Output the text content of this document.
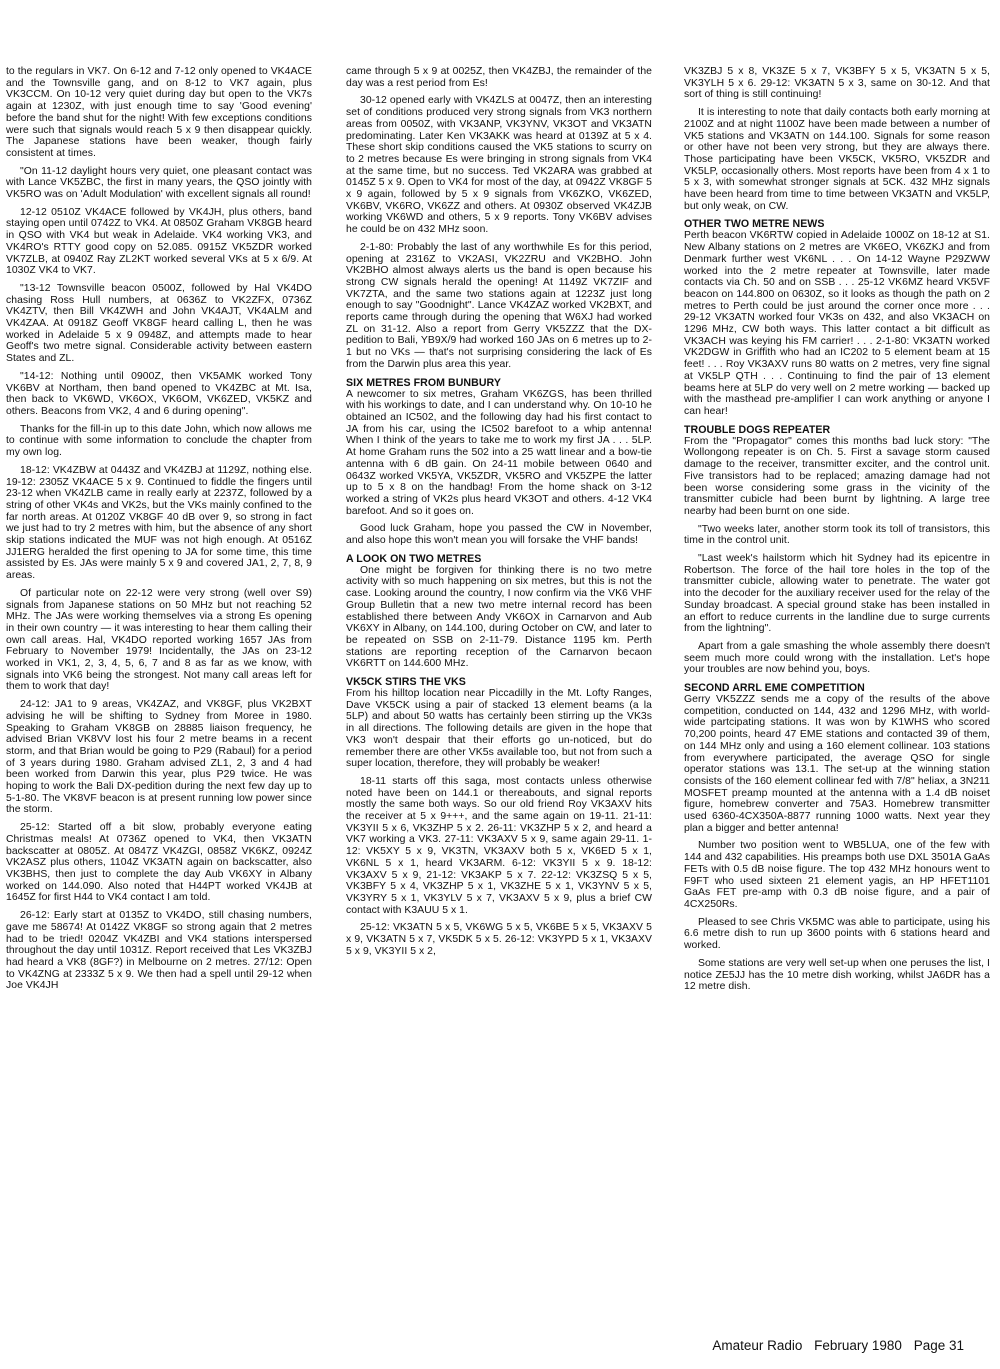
to the regulars in VK7. On 6-12 and 7-12 only opened to VK4ACE and the Townsville gang, and on 8-12 to VK7 again, plus VK3CCM. On 10-12 very quiet during day but open to the VK7s again at 1230Z, with just enough time to say 'Good evening' before the band shut for the night! With few exceptions conditions were such that signals would reach 5 x 9 then disappear quickly. The Japanese stations have been weaker, though fairly consistent at times.

"On 11-12 daylight hours very quiet, one pleasant contact was with Lance VK5ZBC, the first in many years, the QSO jointly with VK5RO was on 'Adult Modulation' with excellent signals all round!

12-12 0510Z VK4ACE followed by VK4JH, plus others, band staying open until 0742Z to VK4. At 0850Z Graham VK8GB heard in QSO with VK4 but weak in Adelaide. VK4 working VK3, and VK4RO's RTTY good copy on 52.085. 0915Z VK5ZDR worked VK7ZLB, at 0940Z Ray ZL2KT worked several VKs at 5 x 6/9. At 1030Z VK4 to VK7.

"13-12 Townsville beacon 0500Z, followed by Hal VK4DO chasing Ross Hull numbers, at 0636Z to VK2ZFX, 0736Z VK4ZTV, then Bill VK4ZWH and John VK4AJT, VK4ALM and VK4ZAA. At 0918Z Geoff VK8GF heard calling L, then he was worked in Adelaide 5 x 9 0948Z, and attempts made to hear Geoff's two metre signal. Considerable activity between eastern States and ZL.

"14-12: Nothing until 0900Z, then VK5AMK worked Tony VK6BV at Northam, then band opened to VK4ZBC at Mt. Isa, then back to VK6WD, VK6OX, VK6OM, VK6ZED, VK5KZ and others. Beacons from VK2, 4 and 6 during opening".

Thanks for the fill-in up to this date John, which now allows me to continue with some information to conclude the chapter from my own log.

18-12: VK4ZBW at 0443Z and VK4ZBJ at 1129Z, nothing else. 19-12: 2305Z VK4ACE 5 x 9. Continued to fiddle the fingers until 23-12 when VK4ZLB came in really early at 2237Z, followed by a string of other VK4s and VK2s, but the VKs mainly confined to the far north areas. At 0120Z VK8GF 40 dB over 9, so strong in fact we just had to try 2 metres with him, but the absence of any short skip stations indicated the MUF was not high enough. At 0516Z JJ1ERG heralded the first opening to JA for some time, this time assisted by Es. JAs were mainly 5 x 9 and covered JA1, 2, 7, 8, 9 areas.

Of particular note on 22-12 were very strong (well over S9) signals from Japanese stations on 50 MHz but not reaching 52 MHz. The JAs were working themselves via a strong Es opening in their own country — it was interesting to hear them calling their own call areas. Hal, VK4DO reported working 1657 JAs from February to November 1979! Incidentally, the JAs on 23-12 worked in VK1, 2, 3, 4, 5, 6, 7 and 8 as far as we know, with signals into VK6 being the strongest. Not many call areas left for them to work that day!

24-12: JA1 to 9 areas, VK4ZAZ, and VK8GF, plus VK2BXT advising he will be shifting to Sydney from Moree in 1980. Speaking to Graham VK8GB on 28885 liaison frequency, he advised Brian VK8VV lost his four 2 metre beams in a recent storm, and that Brian would be going to P29 (Rabaul) for a period of 3 years during 1980. Graham advised ZL1, 2, 3 and 4 had been worked from Darwin this year, plus P29 twice. He was hoping to work the Bali DX-pedition during the next few day up to 5-1-80. The VK8VF beacon is at present running low power since the storm.

25-12: Started off a bit slow, probably everyone eating Christmas meals! At 0736Z opened to VK4, then VK3ATN backscatter at 0805Z. At 0847Z VK4ZGI, 0858Z VK6KZ, 0924Z VK2ASZ plus others, 1104Z VK3ATN again on backscatter, also VK3BHS, then just to complete the day Aub VK6XY in Albany worked on 144.090. Also noted that H44PT worked VK4JB at 1645Z for first H44 to VK4 contact I am told.

26-12: Early start at 0135Z to VK4DO, still chasing numbers, gave me 58674! At 0142Z VK8GF so strong again that 2 metres had to be tried! 0204Z VK4ZBI and VK4 stations interspersed throughout the day until 1031Z. Report received that Les VK3ZBJ had heard a VK8 (8GF?) in Melbourne on 2 metres. 27/12: Open to VK4ZNG at 2333Z 5 x 9. We then had a spell until 29-12 when Joe VK4JH

came through 5 x 9 at 0025Z, then VK4ZBJ, the remainder of the day was a rest period from Es!

30-12 opened early with VK4ZLS at 0047Z, then an interesting set of conditions produced very strong signals from VK3 northern areas from 0050Z, with VK3ANP, VK3YNV, VK3OT and VK3ATN predominating. Later Ken VK3AKK was heard at 0139Z at 5 x 4. These short skip conditions caused the VK5 stations to scurry on to 2 metres because Es were bringing in strong signals from VK4 at the same time, but no success. Ted VK2ARA was grabbed at 0145Z 5 x 9. Open to VK4 for most of the day, at 0942Z VK8GF 5 x 9 again, followed by 5 x 9 signals from VK6ZKO, VK6ZED, VK6BV, VK6RO, VK6ZZ and others. At 0930Z observed VK4ZJB working VK6WD and others, 5 x 9 reports. Tony VK6BV advises he could be on 432 MHz soon.

2-1-80: Probably the last of any worthwhile Es for this period, opening at 2316Z to VK2ASI, VK2ZRU and VK2BHO. John VK2BHO almost always alerts us the band is open because his strong CW signals herald the opening! At 1149Z VK7ZIF and VK7ZTA, and the same two stations again at 1223Z just long enough to say "Goodnight". Lance VK4ZAZ worked VK2BXT, and reports came through during the opening that W6XJ had worked ZL on 31-12. Also a report from Gerry VK5ZZZ that the DX-pedition to Bali, YB9X/9 had worked 160 JAs on 6 metres up to 2-1 but no VKs — that's not surprising considering the lack of Es from the Darwin plus area this year.

SIX METRES FROM BUNBURY

A newcomer to six metres, Graham VK6ZGS, has been thrilled with his workings to date, and I can understand why. On 10-10 he obtained an IC502, and the following day had his first contact to JA from his car, using the IC502 barefoot to a whip antenna! When I think of the years to take me to work my first JA . . . 5LP. At home Graham runs the 502 into a 25 watt linear and a bow-tie antenna with 6 dB gain. On 24-11 mobile between 0640 and 0643Z worked VK5YA, VK5ZDR, VK5RO and VK5ZPE the latter up to 5 x 8 on the handbag! From the home shack on 3-12 worked a string of VK2s plus heard VK3OT and others. 4-12 VK4 barefoot. And so it goes on.

Good luck Graham, hope you passed the CW in November, and also hope this won't mean you will forsake the VHF bands!

A LOOK ON TWO METRES

One might be forgiven for thinking there is no two metre activity with so much happening on six metres, but this is not the case. Looking around the country, I now confirm via the VK6 VHF Group Bulletin that a new two metre internal record has been established there between Andy VK6OX in Carnarvon and Aub VK6XY in Albany, on 144.100, during October on CW, and later to be repeated on SSB on 2-11-79. Distance 1195 km. Perth stations are reporting reception of the Carnarvon becaon VK6RTT on 144.600 MHz.

VK5CK STIRS THE VKS

From his hilltop location near Piccadilly in the Mt. Lofty Ranges, Dave VK5CK using a pair of stacked 13 element beams (a la 5LP) and about 50 watts has certainly been stirring up the VK3s in all directions. The following details are given in the hope that VK3 won't despair that their efforts go un-noticed, but do remember there are other VK5s available too, but not from such a super location, therefore, they will probably be weaker!

18-11 starts off this saga, most contacts unless otherwise noted have been on 144.1 or thereabouts, and signal reports mostly the same both ways. So our old friend Roy VK3AXV hits the receiver at 5 x 9+++, and the same again on 19-11. 21-11: VK3YII 5 x 6, VK3ZHP 5 x 2. 26-11: VK3ZHP 5 x 2, and heard a VK7 working a VK3. 27-11: VK3AXV 5 x 9, same again 29-11. 1-12: VK5XY 5 x 9, VK3TN, VK3AXV both 5 x, VK6ED 5 x 1, VK6NL 5 x 1, heard VK3ARM. 6-12: VK3YII 5 x 9. 18-12: VK3AXV 5 x 9, 21-12: VK3AKP 5 x 7. 22-12: VK3ZSQ 5 x 5, VK3BFY 5 x 4, VK3ZHP 5 x 1, VK3ZHE 5 x 1, VK3YNV 5 x 5, VK3YRY 5 x 1, VK3YLV 5 x 7, VK3AXV 5 x 9, plus a brief CW contact with K3AUU 5 x 1.

25-12: VK3ATN 5 x 5, VK6WG 5 x 5, VK6BE 5 x 5, VK3AXV 5 x 9, VK3ATN 5 x 7, VK5DK 5 x 5. 26-12: VK3YPD 5 x 1, VK3AXV 5 x 9, VK3YII 5 x 2,

VK3ZBJ 5 x 8, VK3ZE 5 x 7, VK3BFY 5 x 5, VK3ATN 5 x 5, VK3YLH 5 x 6. 29-12: VK3ATN 5 x 3, same on 30-12. And that sort of thing is still continuing!

It is interesting to note that daily contacts both early morning at 2100Z and at night 1100Z have been made between a number of VK5 stations and VK3ATN on 144.100. Signals for some reason or other have not been very strong, but they are always there. Those participating have been VK5CK, VK5RO, VK5ZDR and VK5LP, occasionally others. Most reports have been from 4 x 1 to 5 x 3, with somewhat stronger signals at 5CK. 432 MHz signals have been heard from time to time between VK3ATN and VK5LP, but only weak, on CW.

OTHER TWO METRE NEWS

Perth beacon VK6RTW copied in Adelaide 1000Z on 18-12 at S1. New Albany stations on 2 metres are VK6EO, VK6ZKJ and from Denmark further west VK6NL . . . On 14-12 Wayne P29ZWW worked into the 2 metre repeater at Townsville, later made contacts via Ch. 50 and on SSB . . . 25-12 VK6MZ heard VK5VF beacon on 144.800 on 0630Z, so it looks as though the path on 2 metres to Perth could be just around the corner once more . . . 29-12 VK3ATN worked four VK3s on 432, and also VK3ACH on 1296 MHz, CW both ways. This latter contact a bit difficult as VK3ACH was keying his FM carrier! . . . 2-1-80: VK3ATN worked VK2DGW in Griffith who had an IC202 to 5 element beam at 15 feet! . . . Roy VK3AXV runs 80 watts on 2 metres, very fine signal at VK5LP QTH . . . Continuing to find the pair of 13 element beams here at 5LP do very well on 2 metre working — backed up with the masthead pre-amplifier I can work anything or anyone I can hear!

TROUBLE DOGS REPEATER

From the "Propagator" comes this months bad luck story: "The Wollongong repeater is on Ch. 5. First a savage storm caused damage to the receiver, transmitter exciter, and the control unit. Five transistors had to be replaced; amazing damage had not been worse considering some grass in the vicinity of the transmitter cubicle had been burnt by lightning. A large tree nearby had been burnt on one side.

"Two weeks later, another storm took its toll of transistors, this time in the control unit.

"Last week's hailstorm which hit Sydney had its epicentre in Robertson. The force of the hail tore holes in the top of the transmitter cubicle, allowing water to penetrate. The water got into the decoder for the auxiliary receiver used for the relay of the Sunday broadcast. A special ground stake has been installed in an effort to reduce currents in the landline due to surge currents from the lightning".

Apart from a gale smashing the whole assembly there doesn't seem much more could wrong with the installation. Let's hope your troubles are now behind you, boys.

SECOND ARRL EME COMPETITION

Gerry VK5ZZZ sends me a copy of the results of the above competition, conducted on 144, 432 and 1296 MHz, with world-wide partcipating stations. It was won by K1WHS who scored 70,200 points, heard 47 EME stations and contacted 39 of them, on 144 MHz only and using a 160 element collinear. 103 stations from everywhere participated, the average QSO for single operator stations was 13.1. The set-up at the winning station consists of the 160 element collinear fed with 7/8" heliax, a 3N211 MOSFET preamp mounted at the antenna with a 1.4 dB noiset figure, homebrew converter and 75A3. Homebrew transmitter used 6360-4CX350A-8877 running 1000 watts. Next year they plan a bigger and better antenna!

Number two position went to WB5LUA, one of the few with 144 and 432 capabilities. His preamps both use DXL 3501A GaAs FETs with 0.5 dB noise figure. The top 432 MHz honours went to F9FT who used sixteen 21 element yagis, an HP HFET1101 GaAs FET pre-amp with 0.3 dB noise figure, and a pair of 4CX250Rs.

Pleased to see Chris VK5MC was able to participate, using his 6.6 metre dish to run up 3600 points with 6 stations heard and worked.

Some stations are very well set-up when one peruses the list, I notice ZE5JJ has the 10 metre dish working, whilst JA6DR has a 12 metre dish.

Amateur Radio February 1980 Page 31
